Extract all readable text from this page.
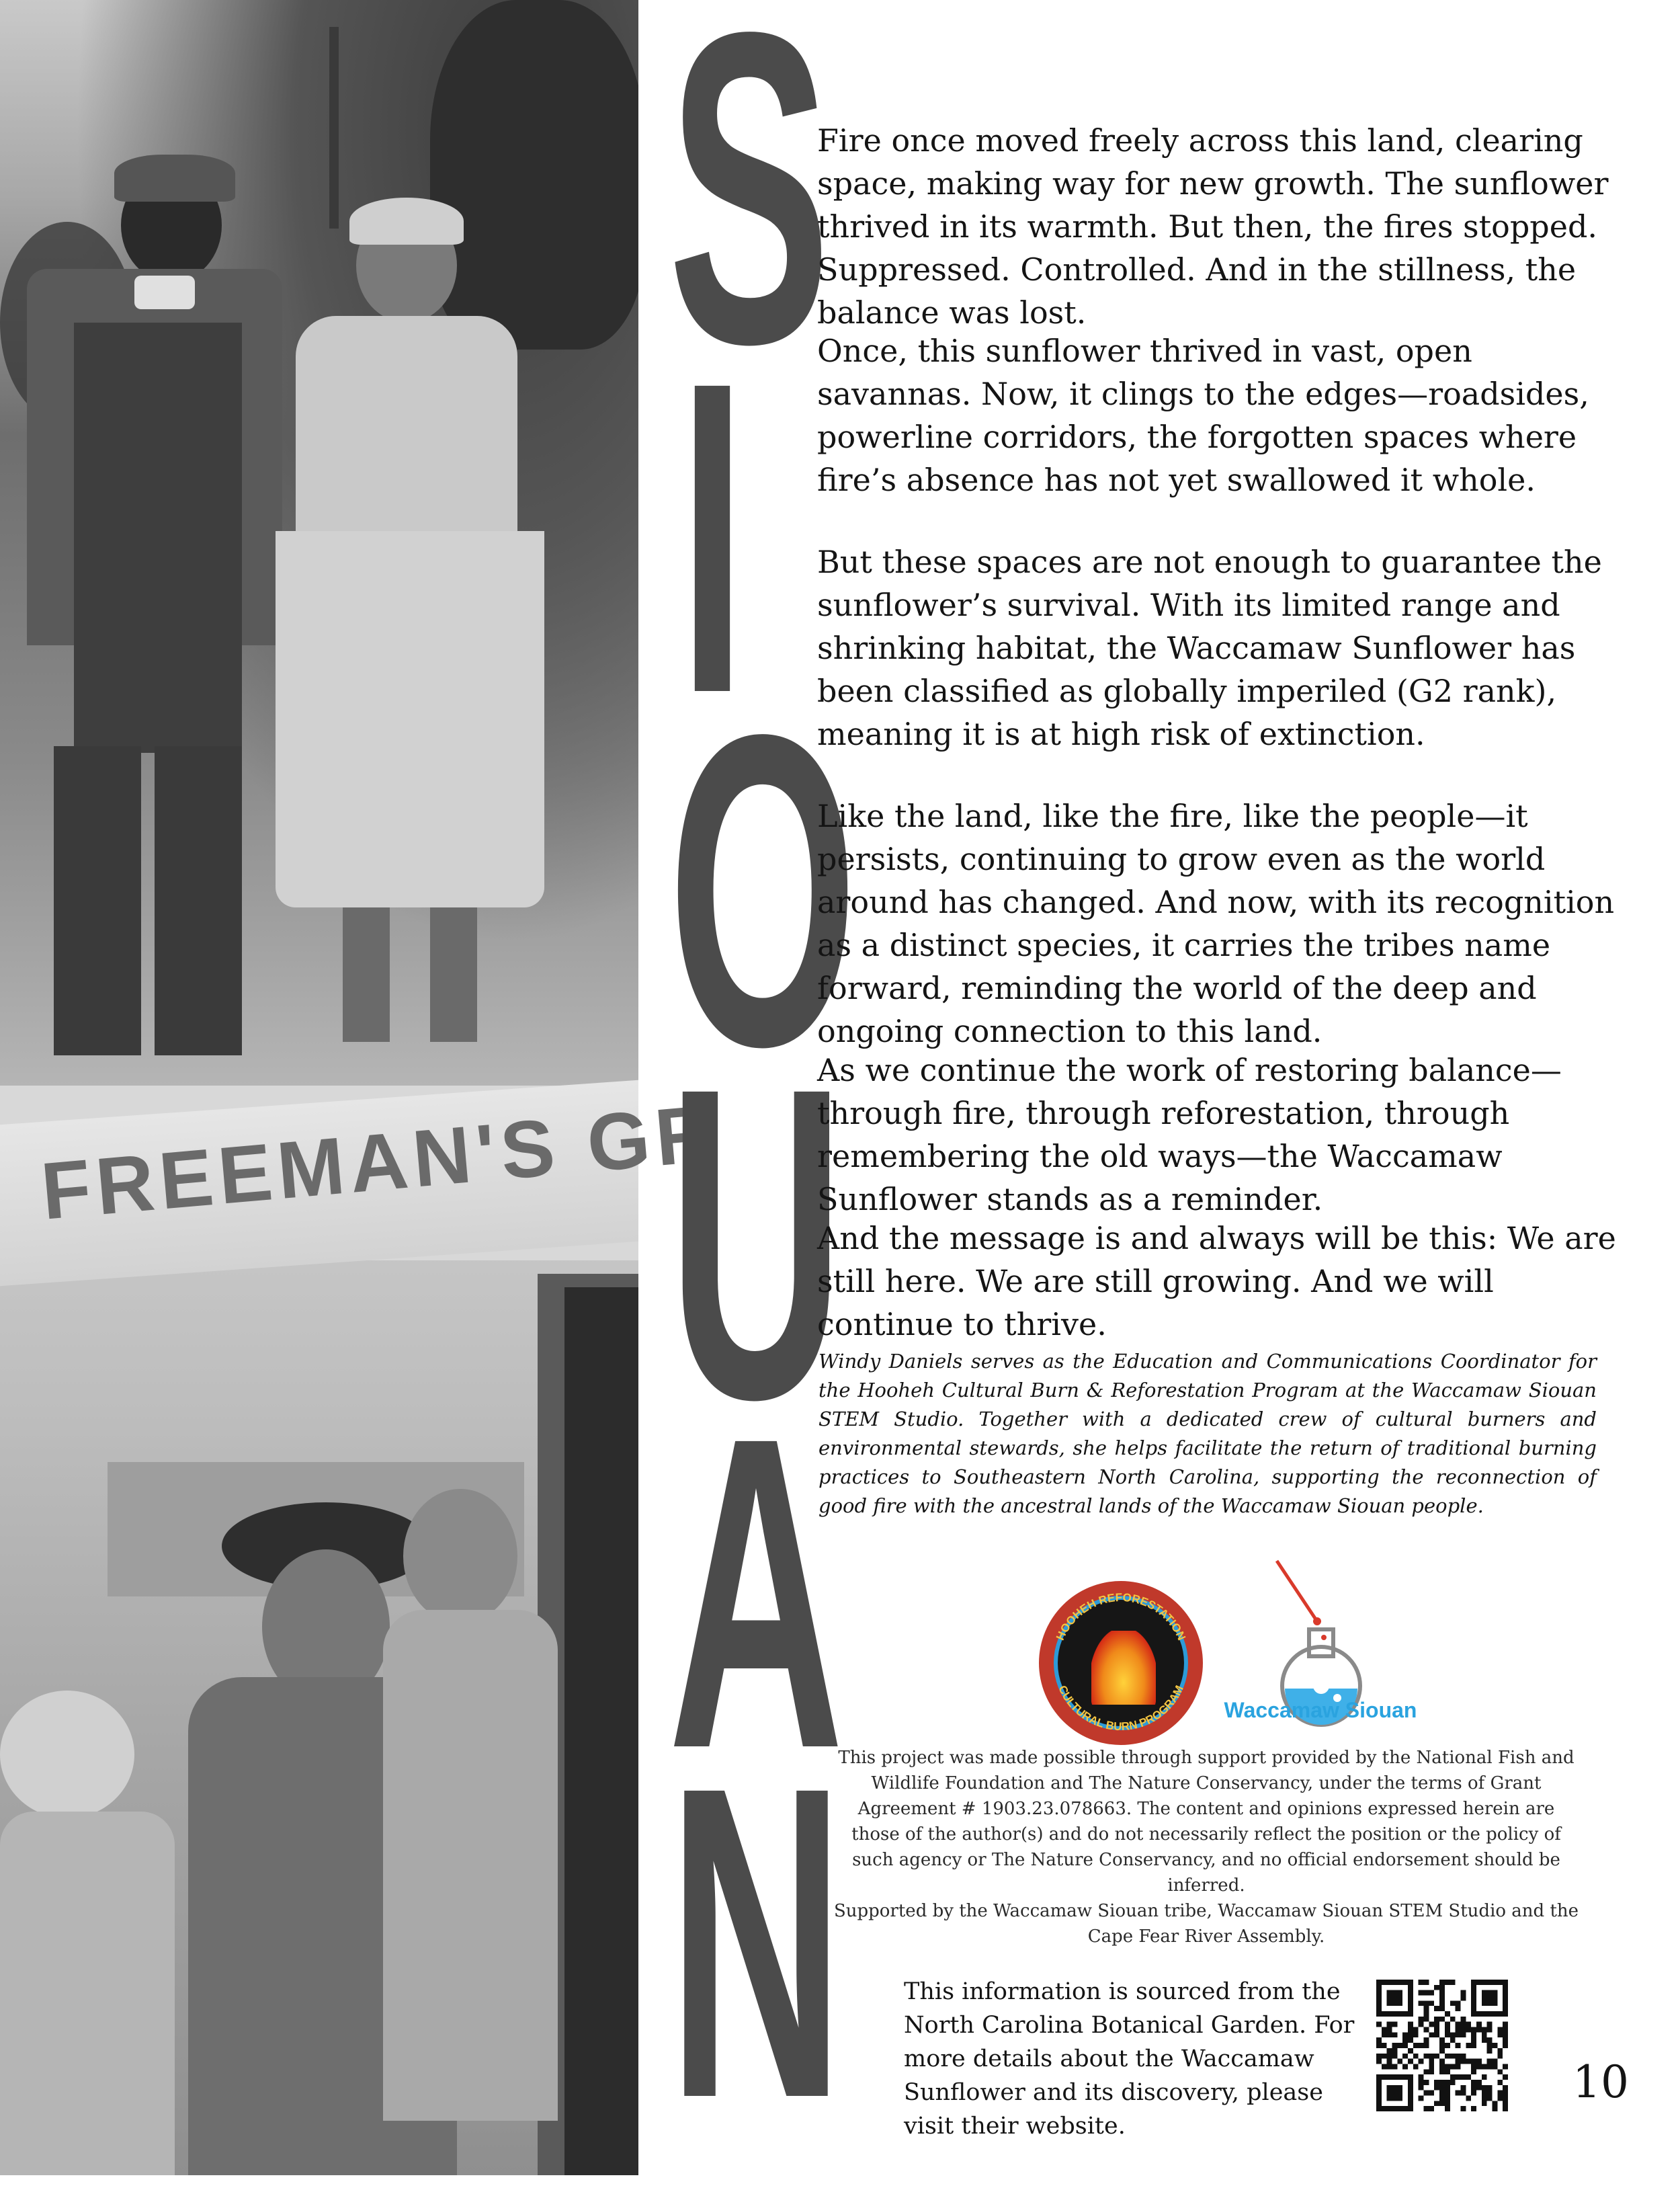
FREEMAN'S GR
S
I
O
U
A
N

Fire once moved freely across this land, clearing space, making way for new growth. The sunflower thrived in its warmth. But then, the fires stopped. Suppressed. Controlled. And in the stillness, the balance was lost.

Once, this sunflower thrived in vast, open savannas. Now, it clings to the edges—roadsides, powerline corridors, the forgotten spaces where fire’s absence has not yet swallowed it whole.

But these spaces are not enough to guarantee the sunflower’s survival. With its limited range and shrinking habitat, the Waccamaw Sunflower has been classified as globally imperiled (G2 rank), meaning it is at high risk of extinction.

Like the land, like the fire, like the people—it persists, continuing to grow even as the world around has changed. And now, with its recognition as a distinct species, it carries the tribes name forward, reminding the world of the deep and ongoing connection to this land.

As we continue the work of restoring balance—through fire, through reforestation, through remembering the old ways—the Waccamaw Sunflower stands as a reminder.

And the message is and always will be this: We are still here. We are still growing. And we will continue to thrive.

Windy Daniels serves as the Education and Communications Coordinator for the Hooheh Cultural Burn & Reforestation Program at the Waccamaw Siouan STEM Studio. Together with a dedicated crew of cultural burners and environmental stewards, she helps facilitate the return of traditional burning practices to Southeastern North Carolina, supporting the reconnection of good fire with the ancestral lands of the Waccamaw Siouan people.

HOOHEH REFORESTATION
CULTURAL BURN PROGRAM
Waccamaw Siouan
This project was made possible through support provided by the National Fish and Wildlife Foundation and The Nature Conservancy, under the terms of Grant Agreement # 1903.23.078663. The content and opinions expressed herein are those of the author(s) and do not necessarily reflect the position or the policy of such agency or The Nature Conservancy, and no official endorsement should be inferred.
Supported by the Waccamaw Siouan tribe, Waccamaw Siouan STEM Studio and the Cape Fear River Assembly.

This information is sourced from the North Carolina Botanical Garden. For more details about the Waccamaw Sunflower and its discovery, please visit their website.

10
